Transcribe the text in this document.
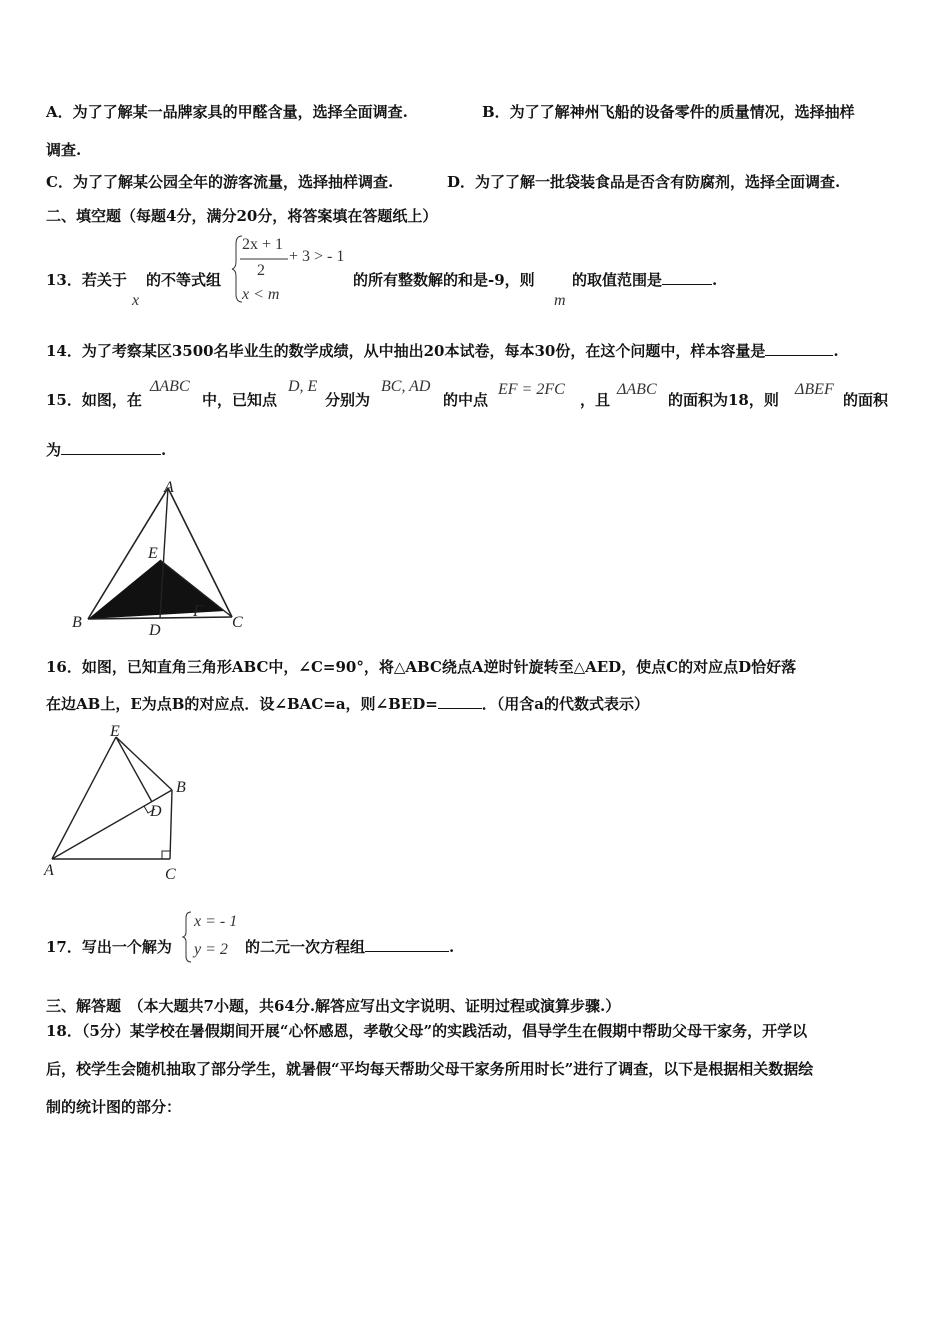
A．为了了解某一品牌家具的甲醛含量，选择全面调查.	B．为了了解神州飞船的设备零件的质量情况，选择抽样
调查.
C．为了了解某公园全年的游客流量，选择抽样调查.	D．为了了解一批袋装食品是否含有防腐剂，选择全面调查.
二、填空题（每题4分，满分20分，将答案填在答题纸上）
13．若关于
x
的不等式组
2x + 1
2
+ 3 > - 1
x < m
的所有整数解的和是-9，则
m
的取值范围是	.
14．为了考察某区3500名毕业生的数学成绩，从中抽出20本试卷，每本30份，在这个问题中，样本容量是	.
15．如图，在
ΔABC
中，已知点
D, E
分别为
BC, AD
的中点
EF = 2FC
，且
ΔABC
的面积为18，则
ΔBEF
的面积
为	.
A
E
F
B	D	C
16．如图，已知直角三角形ABC中，∠C=90°，将△ABC绕点A逆时针旋转至△AED，使点C的对应点D恰好落
在边AB上，E为点B的对应点．设∠BAC=a，则∠BED=	．（用含a的代数式表示）
E
B
D
A	C
17．写出一个解为
x = - 1
y = 2 的二元一次方程组	.
三、解答题　（本大题共7小题，共64分.解答应写出文字说明、证明过程或演算步骤.）
18．（5分）某学校在暑假期间开展“心怀感恩，孝敬父母”的实践活动，倡导学生在假期中帮助父母干家务，开学以
后，校学生会随机抽取了部分学生，就暑假“平均每天帮助父母干家务所用时长”进行了调查，以下是根据相关数据绘
制的统计图的部分：
